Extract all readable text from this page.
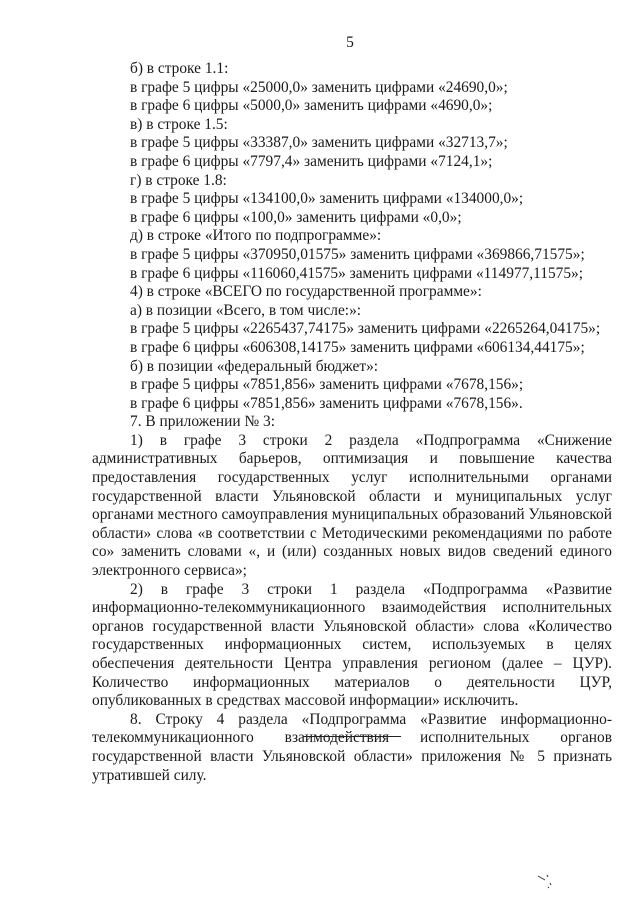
5
б) в строке 1.1:
в графе 5 цифры «25000,0» заменить цифрами «24690,0»;
в графе 6 цифры «5000,0» заменить цифрами «4690,0»;
в) в строке 1.5:
в графе 5 цифры «33387,0» заменить цифрами «32713,7»;
в графе 6 цифры «7797,4» заменить цифрами «7124,1»;
г) в строке 1.8:
в графе 5 цифры «134100,0» заменить цифрами «134000,0»;
в графе 6 цифры «100,0» заменить цифрами «0,0»;
д) в строке «Итого по подпрограмме»:
в графе 5 цифры «370950,01575» заменить цифрами «369866,71575»;
в графе 6 цифры «116060,41575» заменить цифрами «114977,11575»;
4) в строке «ВСЕГО по государственной программе»:
а) в позиции «Всего, в том числе:»:
в графе 5 цифры «2265437,74175» заменить цифрами «2265264,04175»;
в графе 6 цифры «606308,14175» заменить цифрами «606134,44175»;
б) в позиции «федеральный бюджет»:
в графе 5 цифры «7851,856» заменить цифрами «7678,156»;
в графе 6 цифры «7851,856» заменить цифрами «7678,156».
7. В приложении № 3:

1) в графе 3 строки 2 раздела «Подпрограмма «Снижение административных барьеров, оптимизация и повышение качества предоставления государственных услуг исполнительными органами государственной власти Ульяновской области и муниципальных услуг органами местного самоуправления муниципальных образований Ульяновской области» слова «в соответствии с Методическими рекомендациями по работе со» заменить словами «, и (или) созданных новых видов сведений единого электронного сервиса»;

2) в графе 3 строки 1 раздела «Подпрограмма «Развитие информационно-телекоммуникационного взаимодействия исполнительных органов государственной власти Ульяновской области» слова «Количество государственных информационных систем, используемых в целях обеспечения деятельности Центра управления регионом (далее – ЦУР). Количество информационных материалов о деятельности ЦУР, опубликованных в средствах массовой информации» исключить.

8. Строку 4 раздела «Подпрограмма «Развитие информационно-телекоммуникационного взаимодействия исполнительных органов государственной власти Ульяновской области» приложения № 5 признать утратившей силу.
